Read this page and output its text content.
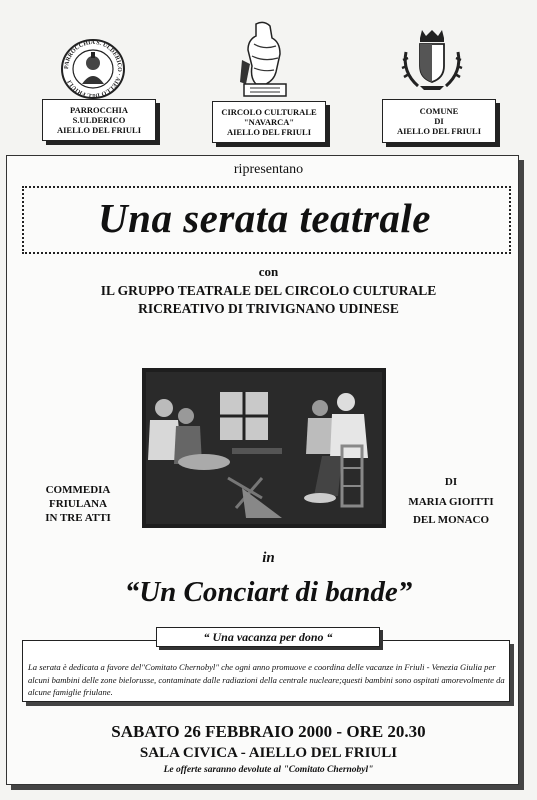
PARROCCHIA S. ULDERICO · AIELLO DEL FRIULI
PARROCCHIA
S.ULDERICO
AIELLO DEL FRIULI
CIRCOLO CULTURALE
"NAVARCA"
AIELLO DEL FRIULI
COMUNE
DI
AIELLO DEL FRIULI
ripresentano
Una serata teatrale
con
IL GRUPPO TEATRALE DEL CIRCOLO CULTURALE
RICREATIVO DI TRIVIGNANO UDINESE
COMMEDIA
FRIULANA
IN TRE ATTI
DI
MARIA GIOITTI
DEL MONACO
in
“Un Conciart di bande”
“ Una vacanza per dono “
La serata è dedicata a favore del"Comitato Chernobyl" che ogni anno promuove e coordina delle vacanze in Friuli - Venezia Giulia per alcuni bambini delle zone bielorusse, contaminate dalle radiazioni della centrale nucleare;questi bambini sono ospitati amorevolmente da alcune famiglie friulane.
SABATO 26 FEBBRAIO 2000 - ORE 20.30
SALA CIVICA - AIELLO DEL FRIULI
Le offerte saranno devolute al "Comitato Chernobyl"
